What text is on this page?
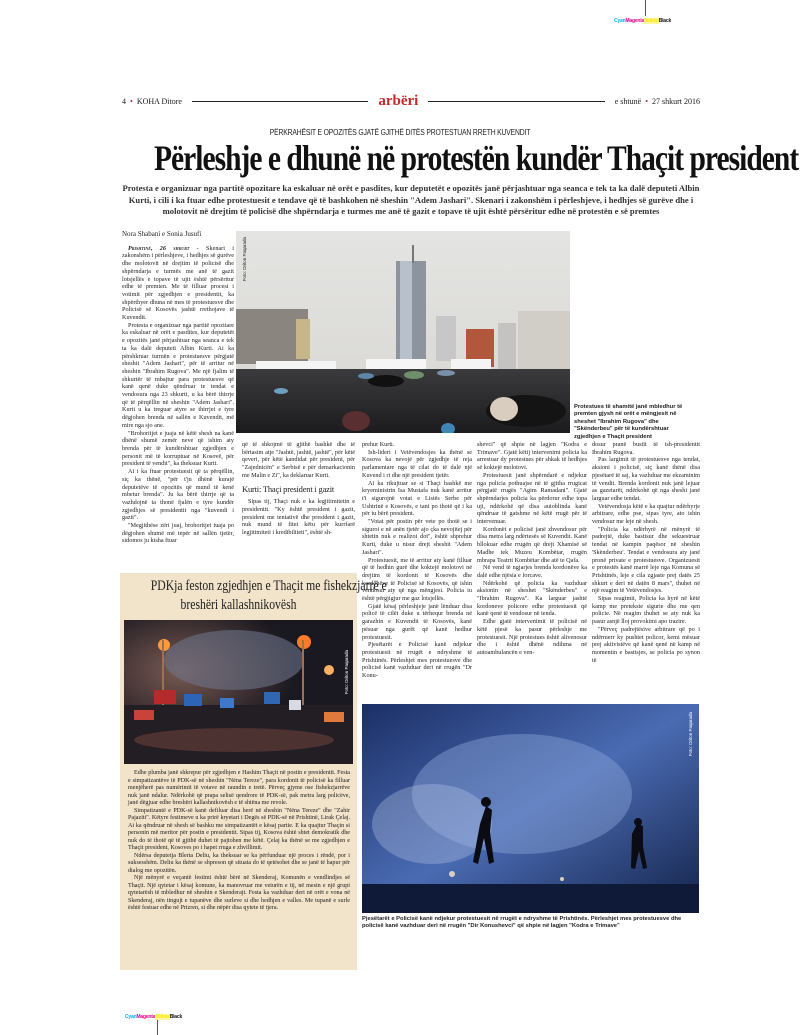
CyanMagentaYellowBlack
CyanMagentaYellowBlack
4 • KOHA Ditore	arbëri	e shtunë • 27 shkurt 2016
PËRKRAHËSIT E OPOZITËS GJATË GJITHË DITËS PROTESTUAN RRETH KUVENDIT
Përleshje e dhunë në protestën kundër Thaçit president
Protesta e organizuar nga partitë opozitare ka eskaluar në orët e pasdites, kur deputetët e opozitës janë përjashtuar nga seanca e tek ta ka dalë deputeti Albin Kurti, i cili i ka ftuar edhe protestuesit e tendave që të bashkohen në sheshin "Adem Jashari". Skenari i zakonshëm i përleshjeve, i hedhjes së gurëve dhe i molotovit në drejtim të policisë dhe shpërndarja e turmes me anë të gazit e topave të ujit është përsëritur edhe në protestën e së premtes
Nora Shabani e Sonia Jusufi

Prishtinë, 26 shkurt - Skenari i zakonshëm i përleshjeve, i hedhjes së gurëve dhe molotovit në drejtim të policisë dhe shpërndarja e turmës me anë të gazit lotsjellës e topave të ujit është përsëritur edhe të premten. Me të filluar procesi i votimit për zgjedhjen e presidentit, ka shpërthyer dhuna në mes të protestuesve dhe Policisë së Kosovës jashtë rrethojave të Kuvendit.

Protesta e organizuar nga partitë opozitare ka eskaluar në orët e pasdites, kur deputetët e opozitës janë përjashtuar nga seanca e tek ta ka dalë deputeti Albin Kurti. Ai ka përshkruar turmën e protestuesve përgjatë sheshit "Adem Jashari", për të arritur në sheshin "Ibrahim Rugova". Me një fjalim të shkurtër të mbajtur para protestuesve që kanë qenë duke qëndruar te tendat e vendosura nga 23 shkurti, u ka bërë thirrje që të përqëllin në sheshin "Adem Jashari". Kurti u ka treguar atyre se thirrjet e tyre dëgjohen brenda në sallën e Kuvendit, më mire nga sjo ane.

"Brohoritjet e juaja në këtë shesh na kanë dhënë shumë zemër neve që ishim aty brenda për të kundërshtuar zgjedhjen e personit më të korruptuar në Kosovë, për president të vendit", ka theksuar Kurti.

Ai i ka ftuar protestuesit që ta përqëllin, siç ka thënë, "për t'ju dhënë kurajë deputetëve të opozitës që mund të kenë mbetur brenda". Ju ka bërë thirrje që ta vazhdojnë ta thonë fjalën e tyre kundër zgjedhjes së presidentit nga "kuvendi i gazit".

"Megjithëse zëri juaj, brohoritjet tuaja po dëgjohen shumë më tepër në sallën tjetër, sidomos ju kisha ftuar

Foto: Driton Paqarada
Protestues të shamitë janë mbledhur të premten gjysh në orët e mëngjesit në sheshet "Ibrahim Rugova" dhe "Skënderbeu" për të kundërshtuar zgjedhjen e Thaçit president

që të shkojmë të gjithë bashkë dhe të bërtasim atje "Jashtë, jashtë, jashtë", për këtë qeveri, për këtë kandidat për president, për "Zajednicën" e Serbisë e për demarkacionin me Malin e Zi", ka deklaruar Kurti.

Kurti: Thaçi president i gazit

Sipas tij, Thaçi nuk e ka legjitimitetin e presidentit. "Ky është president i gazit, president me tentativë dhe president i gazit, nuk mund të fitet këtu për kurrfarë legjitimiteti i kredibiliteti", është sh-

prehur Kurti.

Ish-lideri i Vetëvendosjes ka thënë se Kosova ka nevojë për zgjedhje të reja parlamentare nga të cilat do të dalë një Kuvend i ri dhe një president tjetër.

Ai ka rikujtuar se si Thaçi bashkë me kryeministrin Isa Mustafa nuk kanë arritur t'i sigurojnë votat e Listës Serbe për Ushtrinë e Kosovës, e tani po thotë që i ka për tu bërë president.

"Votat për postin për vete po thotë se i siguroi e në anën tjetër ajo çka nevojitej për shtetin nuk e realizoi dot", është shprehur Kurti, duke u nisur drejt sheshit "Adem Jashari".

Protestuesit, me të arritur aty kanë filluar që të hedhin gurë dhe koktejë molotovi në drejtim të kordonit të Kosovës dhe kordonëve të Policisë së Kosovës, që ishin vendosur aty që nga mëngjesi. Policia iu është përgjigjur me gaz lotsjellës.

Gjatë kësaj përleshjeje janë lënduar disa policë të cilët duke u tërhequr brenda në garazhin e Kuvendit të Kosovës, kanë pësuar nga gurët që kanë hedhur protestuesit.

Pjesëtarët e Policisë kanë ndjekur protestuesit në rrugët e ndryshme të Prishtinës. Përleshjet mes protestuesve dhe policisë kanë vazhduar deri në rrugën "Dr Konu-

shevci" që shpie në lagjen "Kodra e Trimave". Gjatë këtij intervenimi policia ka arrestuar dy protestues për shkak të hedhjes së koktejë molotovi.

Protestuesit janë shpërndarë e ndjekur nga policia pothuajse në të gjitha rrugicat përgjatë rrugës "Agim Ramadani". Gjatë shpërndarjes policia ka përdorur edhe topa uji, ndërkohë që disa autoblinda kanë qëndruar të gatshme në këtë rrugë për të intervenuar.

Kordonët e policisë janë zhvendosur për disa metra larg ndërtesës së Kuvendit. Kanë bllokuar edhe rrugën që drejt Xhamisë së Madhe tek Muzeu Kombëtar, rrugën mbrapa Teatrit Kombëtar dhe atë te Qafa.

Në vend të ngjarjes brenda kordonëve ka dalë edhe njësia e forcave.

Ndërkohë që policia ka vazhduar aksionin në sheshet "Skënderbeu" e "Ibrahim Rugova". Ka larguar jashtë kordoneve policore edhe protestuesit që kanë qenë të vendosur në tenda.

Edhe gjatë intervenimit të policisë në këtë pjesë ka pasur përleshje me protestuesit. Një protestues është alivenosur dhe i është dhënë ndihma në autoambulancën e ven-

dosur pranë bustit të ish-presidentit Ibrahim Rugova.

Pas largimit të protestuesve nga tendat, aksioni i policisë, siç kanë thënë disa pjesëtarë të saj, ka vazhduar me ekzaminim të vendit. Brenda kordonit nuk janë lejuar as gazetarët, ndërkohë që nga sheshi janë larguar edhe tendat.

Vetëvendosja këtë e ka quajtur ndërhyrje arbitrare, edhe pse, sipas tyre, ato ishin vendosur me leje në shesh.

"Policia ka ndërhyrë në mënyrë të padrejtë, duke bastisur dhe sekuestruar tendat në kampin paqësor në sheshin 'Skënderbeu'. Tendat e vendosura aty janë pronë private e protestuesve. Organizuesit e protestës kanë marrë leje nga Komuna së Prishtinës, leje e cila zgjaste prej datës 25 shkurt e deri në datën 8 mars", thuhet në një reagim të Vetëvendosjes.

Sipas reagimit, Policia ka hyrë në këtë kamp me pretekste sigurie dhe me qen policie. Në reagim thuhet se aty nuk ka pasur asnjë lloj provokimi apo trazire.

"Përveç padrejtësive arbitrare që po i ndërmerr ky pushtet policor, kemi mësuar prej aktivistëve që kanë qenë në kamp në momentin e bastisjes, se policia po synon të

PDKja feston zgjedhjen e Thaçit me fishekzjarrë e
breshëri kallashnikovësh
Foto: Driton Paqarada

Edhe plumba janë shkrepur për zgjedhjen e Hashim Thaçit në postin e presidentit. Festa e simpatizantëve të PDK-së në sheshin "Nëna Tereze", para kordonit të policisë ka filluar menjëherë pas numërimit të votave në raundin e tretë. Përveç gjyme ose fishekzjarrëve nuk janë ndalur. Ndërkohë që prapa selisë qendrore të PDK-së, pak metra larg policëve, janë dëgjuar edhe breshëri kallashnikovësh e të shtëna me revole.

Simpatizantë e PDK-së kanë defiluar disa herë në sheshin "Nëna Tereze" dhe "Zahir Pajaziti". Këtyre festimeve u ka prirë kryetari i Degës së PDK-së në Prishtinë, Lirak Çelaj. Ai ka qëndruar në shesh së bashku me simpatizantët e kësaj partie. E ka quajtur Thaçin si personin më meritor për postin e presidentit. Sipas tij, Kosova është shtet demokratik dhe nuk do të thotë që të gjithë duhet të pajtohen me këtë. Çelaj ka thënë se me zgjedhjen e Thaçit president, Kosoves po i hapet rruga e zhvillimit.

Ndërsa deputetja Blerta Deliu, ka theksuar se ka përfunduar një proces i rëndë, por i suksesshëm. Deliu ka thënë se shpreson që situata do të qetësohet dhe se janë të hapur për dialog me opozitën.

Një mënyrë e veçantë festimi është bërë në Skenderaj, Komunën e vendlindjes së Thaçit. Një qytetar i kësaj komune, ka manovruar me veturën e tij, në mesin e një grupi qytetarësh të mbledhur në sheshin e Skenderajt. Festa ka vazhduar deri në orët e vona në Skenderaj, nën tingujt e tupanëve dhe surleve si dhe hedhjen e valles. Me tupanë e surle është festuar edhe në Prizren, si dhe nëpër disa qytete të tjera.

Foto: Driton Paqarada
Pjesëtarët e Policisë kanë ndjekur protestuesit në rrugët e ndryshme të Prishtinës. Përleshjet mes protestuesve dhe policisë kanë vazhduar deri në rrugën "Dir Konushevci" që shpie në lagjen "Kodra e Trimave"
